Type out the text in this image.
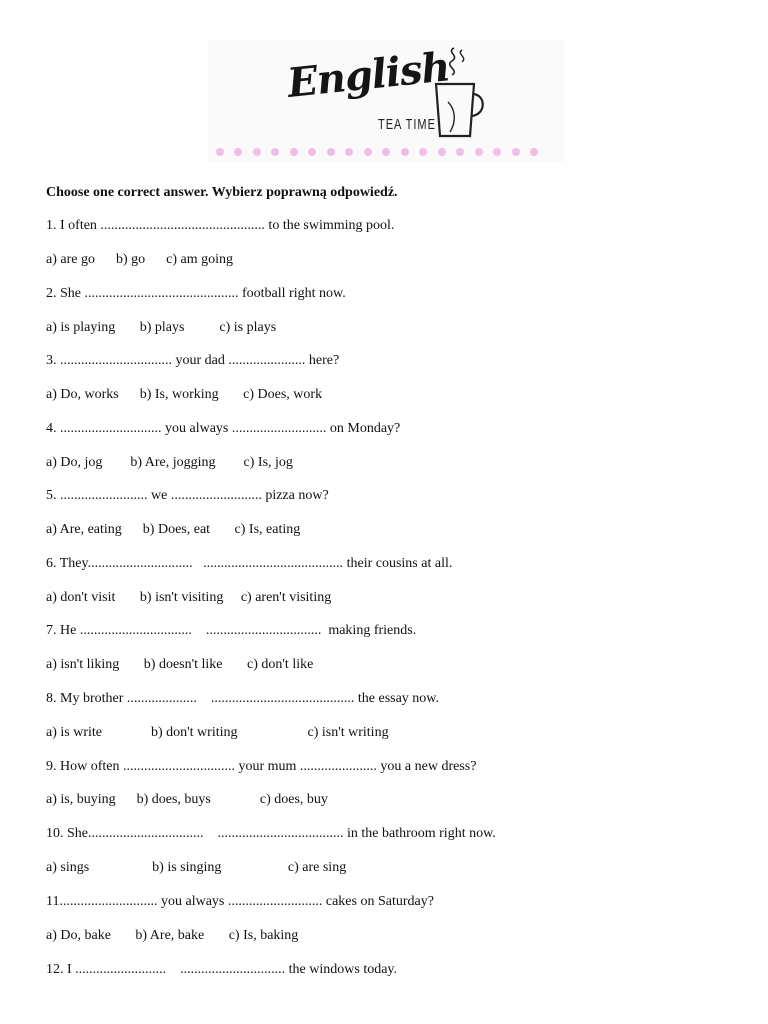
English
TEA TIME
Choose one correct answer. Wybierz poprawną odpowiedź.
1. I often ............................................... to the swimming pool.
a) are go      b) go      c) am going
2. She ............................................ football right now.
a) is playing       b) plays          c) is plays
3. ................................ your dad ...................... here?
a) Do, works      b) Is, working       c) Does, work
4. ............................. you always ........................... on Monday?
a) Do, jog        b) Are, jogging        c) Is, jog
5. ......................... we .......................... pizza now?
a) Are, eating      b) Does, eat       c) Is, eating
6. They..............................   ........................................ their cousins at all.
a) don't visit       b) isn't visiting     c) aren't visiting
7. He ................................    .................................  making friends.
a) isn't liking       b) doesn't like       c) don't like
8. My brother ....................    ......................................... the essay now.
a) is write              b) don't writing                    c) isn't writing
9. How often ................................ your mum ...................... you a new dress?
a) is, buying      b) does, buys              c) does, buy
10. She.................................    .................................... in the bathroom right now.
a) sings                  b) is singing                   c) are sing
11............................ you always ........................... cakes on Saturday?
a) Do, bake       b) Are, bake       c) Is, baking
12. I ..........................    .............................. the windows today.
